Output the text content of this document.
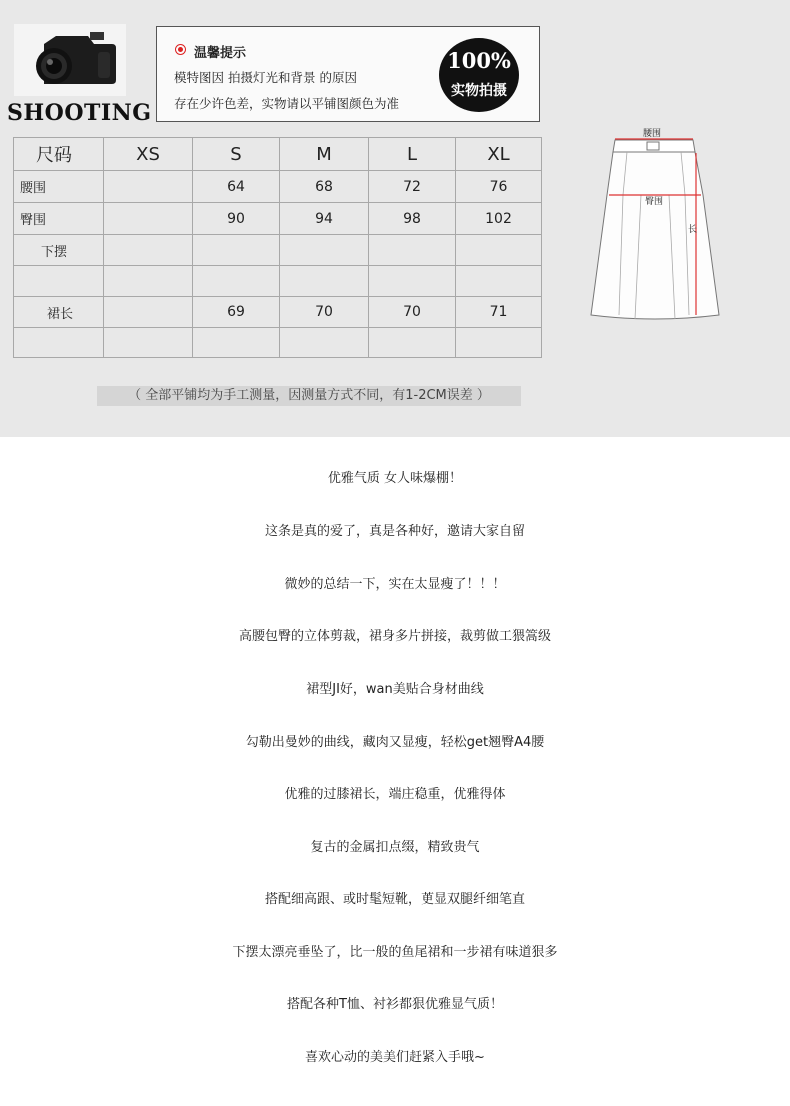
SHOOTING
温馨提示
模特图因 拍摄灯光和背景 的原因
存在少许色差，实物请以平铺图颜色为准
100%
实物拍摄
尺码	XS	S	M	L	XL
腰围		64	68	72	76
臀围		90	94	98	102
下摆					

裙长		69	70	70	71

腰围
臀围
长
（ 全部平铺均为手工测量，因测量方式不同，有1-2CM误差 ）

优雅气质 女人味爆棚！

这条是真的爱了，真是各种好，邀请大家自留

微妙的总结一下，实在太显瘦了！！！

高腰包臀的立体剪裁，裙身多片拼接，裁剪做工猥篙级

裙型JI好，wan美贴合身材曲线

勾勒出曼妙的曲线，藏肉又显瘦，轻松get翘臀A4腰

优雅的过膝裙长，端庄稳重，优雅得体

复古的金属扣点缀，精致贵气

搭配细高跟、或时髦短靴，茰显双腿纤细笔直

下摆太漂亮垂坠了，比一般的鱼尾裙和一步裙有味道狠多

搭配各种T恤、衬衫都狠优雅显气质！

喜欢心动的美美们赶紧入手哦~
